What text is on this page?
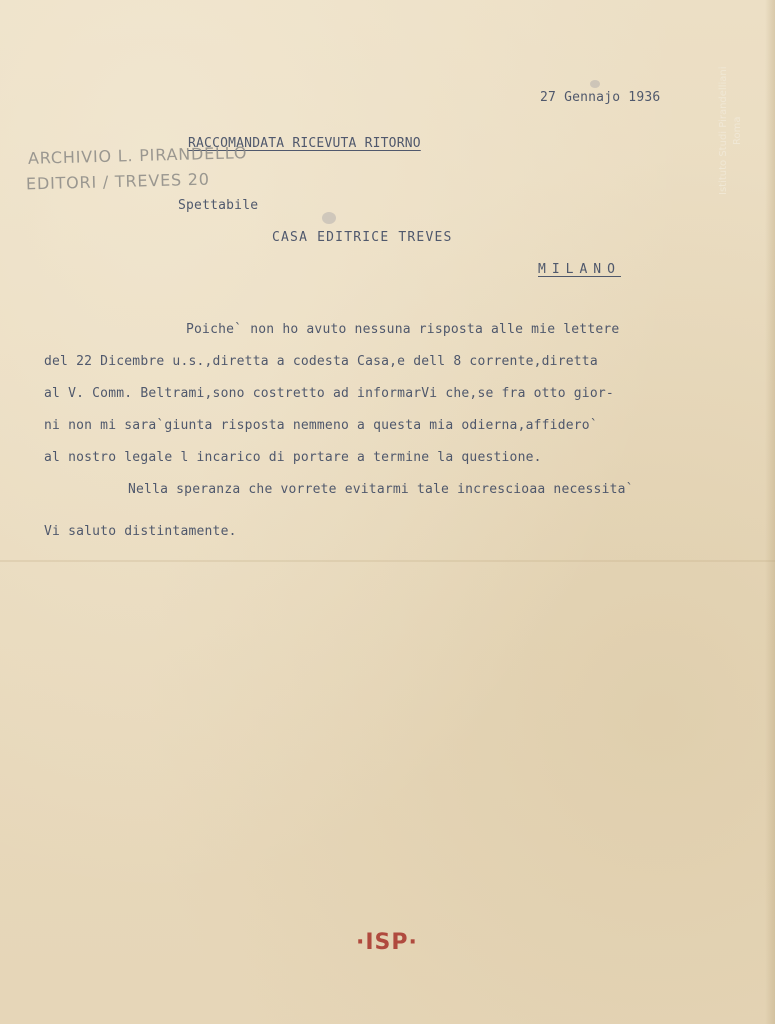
27 Gennajo 1936
RACCOMANDATA RICEVUTA RITORNO
ARCHIVIO L. PIRANDELLO
EDITORI / TREVES 20
Spettabile
CASA EDITRICE TREVES
MILANO
Poiche` non ho avuto nessuna risposta alle mie lettere
del 22 Dicembre u.s.,diretta a codesta Casa,e dell 8 corrente,diretta
al V. Comm. Beltrami,sono costretto ad informarVi che,se fra otto gior-
ni non mi sara`giunta risposta nemmeno a questa mia odierna,affidero`
al nostro legale l incarico di portare a termine la questione.
Nella speranza che vorrete evitarmi tale increscioaa necessita`
Vi saluto distintamente.
Istituto Studi Pirandelliani Roma
·ISP·
